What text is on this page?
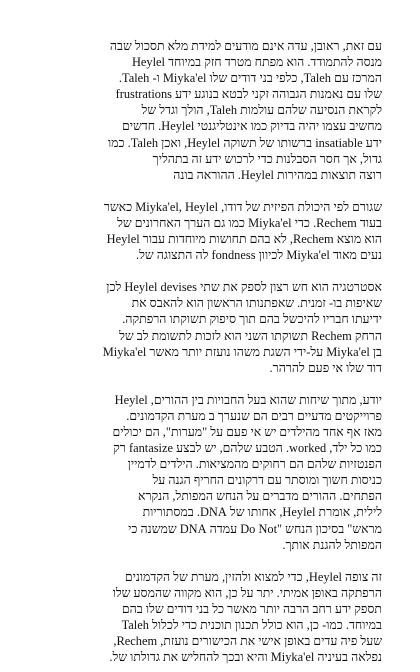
עם זאת, ראובן, עדה אינם מודעים למידת מלא תסכול שבה
מנסה להתמודד. הוא מפתח מטרד חזק במיוחד Heylel
המרכז עם Taleh, כלפי בני דודים שלו Miyka'el ו- Taleh.
שלו עם נאמנות הגבוהה זקני לבטא בנוגע ידע frustrations
לקראת הנסיעה שלהם עולמות Taleh, הולך וגדל של
מחשיב עצמו יהיה בדיוק כמו אינטליגנטי Heylel. חדשים
ידע insatiable ברשותו של תשוקה Heylel, ואכן Taleh. כמו
גדול, אך חסר הסבלנות כדי לרכוש ידע זה בתהליך
רוצה תוצאות במהירות Heylel. ההוראה בונה
שגורם לפי היכולת הפיזית של דודו, Miyka'el, Heylel כאשר
בעוד Rechem. כדי Miyka'el כמו גם הערך האחרונים של
הוא מוצא Rechem, לא בהם תחושות מיוחדות עבור Heylel
נעים מאוד Miyka'el לכיוון fondness לה התצוגה של.
אסטרטגיה הוא חש רצון לספק את שתי Heylel devises לכן
שאיפות בו- זמנית. שאפתנותו הראשון הוא להאבס את
ידיעתו חבריו להיכשל בהם תוך סיפוק תשוקתו הרפתקה.
הרחק Rechem תשוקתו השני הוא לזכות לתשומת לב של
בן Miyka'el על-ידי השגת משהו נועזת יותר מאשר Miyka'el
דוד שלו אי פעם להרהר.
יודע, מתוך שיחות שהוא בעל החבויות בין ההורים, Heylel
פרוייקטים מדעיים רבים הם שנערך ב מערת הקדמונים.
מאז אף אחד מהילדים יש אי פעם על "מערות", הם יכולים
כמו כל ילד, worked. הטבע שלהם, יש לבצע fantasize רק
הפנטזיות שלהם הם רחוקים מהמציאות. הילדים לדמיין
כניסות חשוך ומוסתר עם דרקונים החריף הגנה על
הפתחים. ההורים מדברים על הנחש המפותל, הנקרא
לילית, אומרת Heylel, אחותו של DNA. במסתוריות
מראש" בסיכון הנחש "Do Not עמדה DNA שמשנה כי
המפותל להגנת אותך.
זה צופה Heylel, כדי למצוא ולהזין, מערת של הקדמונים
הרפתקה באופן אמיתי. יתר על כן, הוא מקווה שהמסע שלו
תספק ידע רחב הרבה יותר מאשר כל בני דודים שלו בהם
במיוחד. כמו- כן, הוא כולל תכנון תוכנית כדי לכלול Taleh
שעל פיה עדים באופן אישי את הכישורים נועזת, Rechem,
נפלאה בעיניה Miyka'el והיא ובכך להחליש את גדולתו של.
